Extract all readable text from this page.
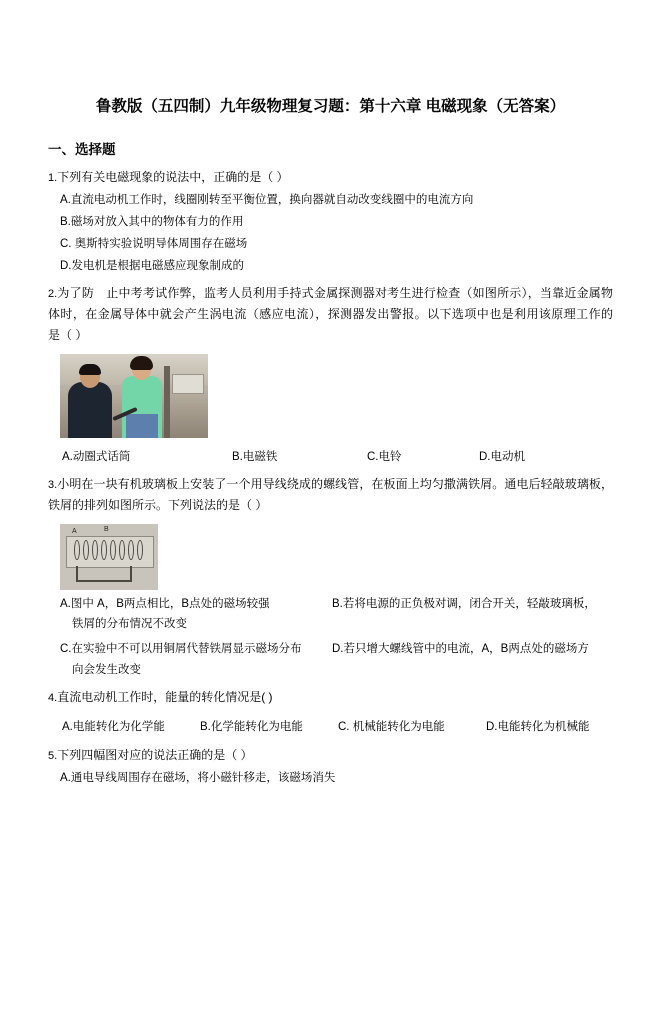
鲁教版（五四制）九年级物理复习题：第十六章 电磁现象（无答案）
一、选择题
1.下列有关电磁现象的说法中，正确的是（ ）
A.直流电动机工作时，线圈刚转至平衡位置，换向器就自动改变线圈中的电流方向
B.磁场对放入其中的物体有力的作用
C. 奥斯特实验说明导体周围存在磁场
D.发电机是根据电磁感应现象制成的
2.为了防　止中考考试作弊，监考人员利用手持式金属探测器对考生进行检查（如图所示），当靠近金属物体时，在金属导体中就会产生涡电流（感应电流），探测器发出警报。以下选项中也是利用该原理工作的　是（ ）
A.动圈式话筒	B.电磁铁	C.电铃	D.电动机
3.小明在一块有机玻璃板上安装了一个用导线绕成的螺线管，在板面上均匀撒满铁屑。通电后轻敲玻璃板，铁屑的排列如图所示。下列说法的是（ ）
A	B
A.图中 A，B两点相比，B点处的磁场较强	B.若将电源的正负极对调，闭合开关，轻敲玻璃板，
铁屑的分布情况不改变
C.在实验中不可以用铜屑代替铁屑显示磁场分布	D.若只增大螺线管中的电流，A，B两点处的磁场方
向会发生改变
4.直流电动机工作时，能量的转化情况是( )
A.电能转化为化学能	B.化学能转化为电能	C. 机械能转化为电能	D.电能转化为机械能
5.下列四幅图对应的说法正确的是（ ）
A.通电导线周围存在磁场，将小磁针移走，该磁场消失
